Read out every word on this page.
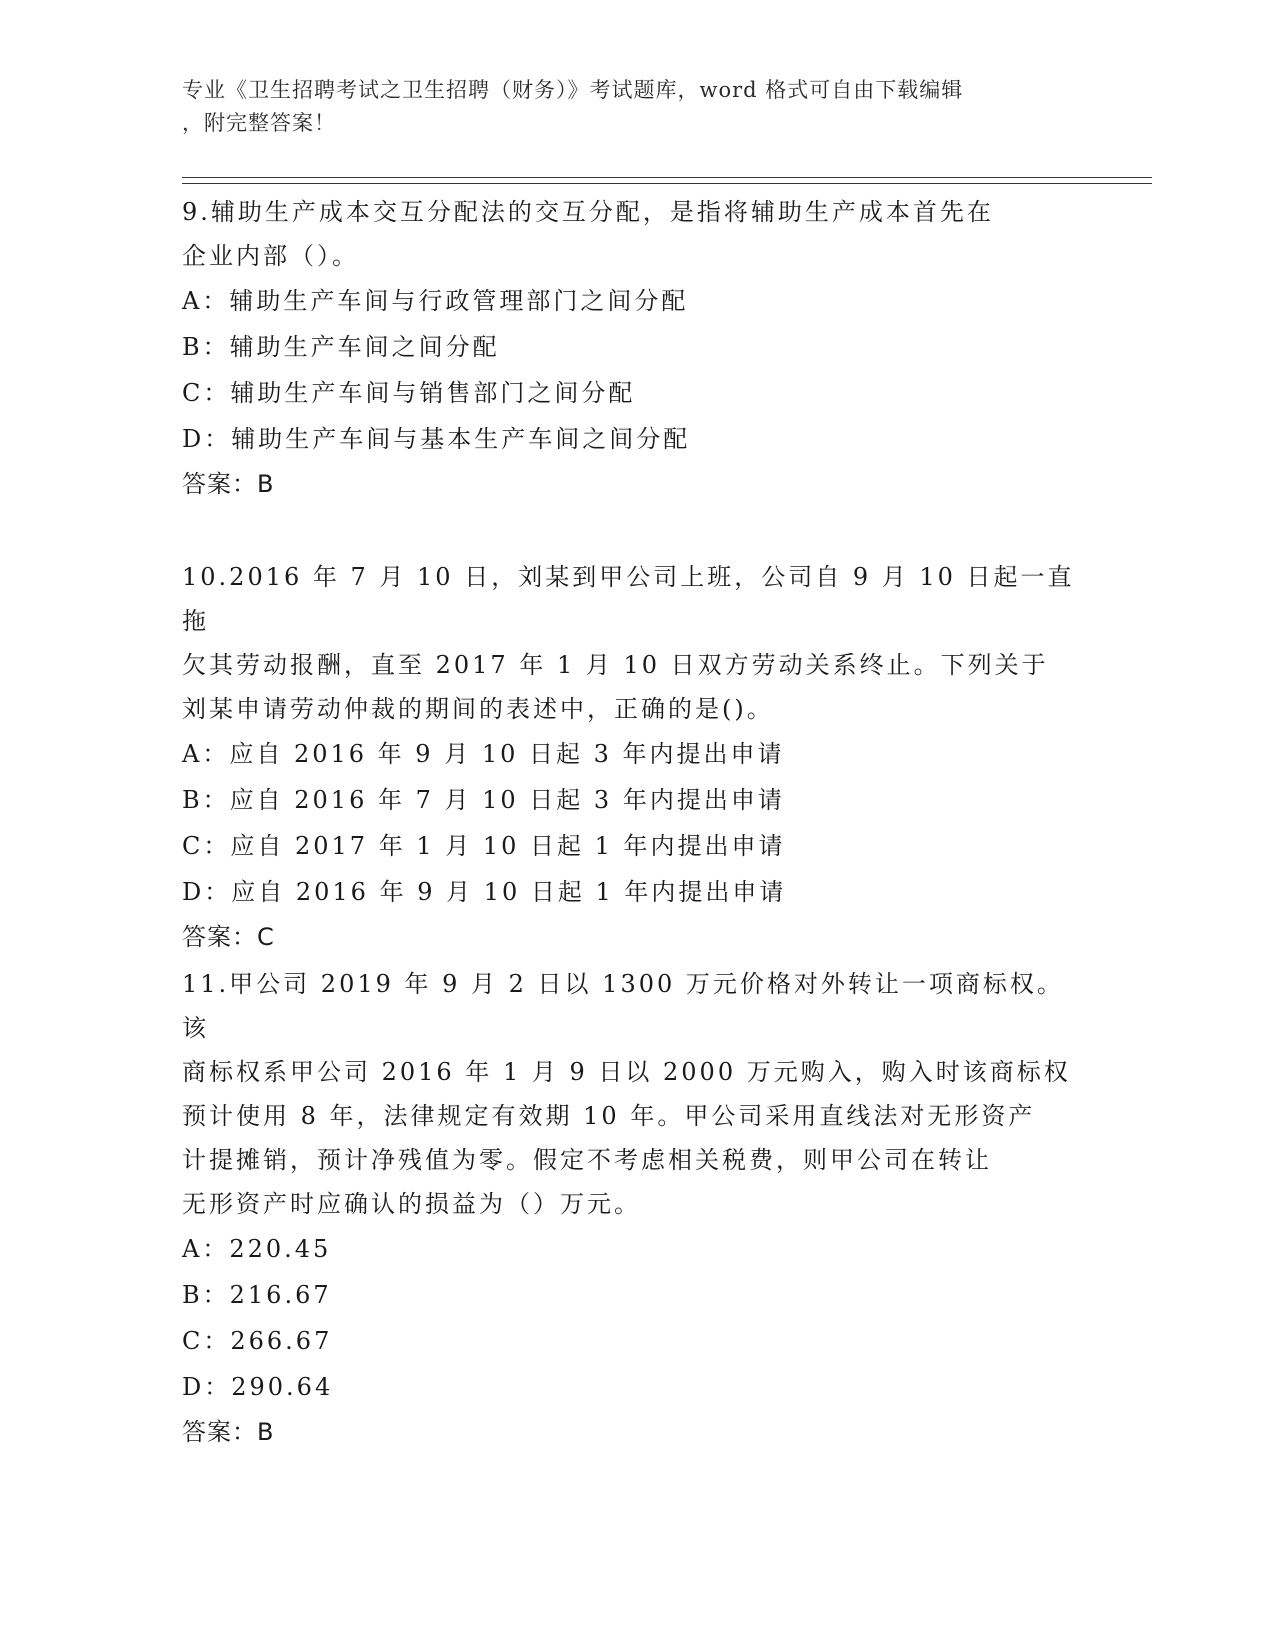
专业《卫生招聘考试之卫生招聘（财务）》考试题库，word 格式可自由下载编辑
，附完整答案！

9.辅助生产成本交互分配法的交互分配，是指将辅助生产成本首先在

企业内部（）。

A：辅助生产车间与行政管理部门之间分配

B：辅助生产车间之间分配

C：辅助生产车间与销售部门之间分配

D：辅助生产车间与基本生产车间之间分配

答案：B

10.2016 年 7 月 10 日，刘某到甲公司上班，公司自 9 月 10 日起一直拖

欠其劳动报酬，直至 2017 年 1 月 10 日双方劳动关系终止。下列关于

刘某申请劳动仲裁的期间的表述中，正确的是()。

A：应自 2016 年 9 月 10 日起 3 年内提出申请

B：应自 2016 年 7 月 10 日起 3 年内提出申请

C：应自 2017 年 1 月 10 日起 1 年内提出申请

D：应自 2016 年 9 月 10 日起 1 年内提出申请

答案：C

11.甲公司 2019 年 9 月 2 日以 1300 万元价格对外转让一项商标权。该

商标权系甲公司 2016 年 1 月 9 日以 2000 万元购入，购入时该商标权

预计使用 8 年，法律规定有效期 10 年。甲公司采用直线法对无形资产

计提摊销，预计净残值为零。假定不考虑相关税费，则甲公司在转让

无形资产时应确认的损益为（）万元。

A：220.45

B：216.67

C：266.67

D：290.64

答案：B
